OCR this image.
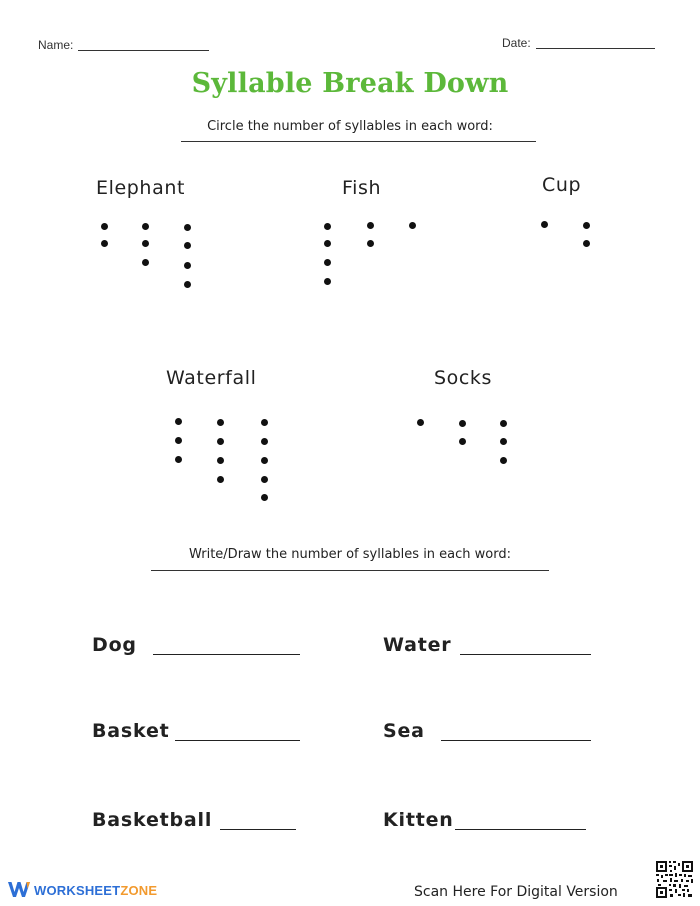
Name:	Date:
Syllable Break Down
Circle the number of syllables in each word:
Elephant	Fish	Cup
Waterfall	Socks
Write/Draw the number of syllables in each word:
Dog	Water
Basket	Sea
Basketball	Kitten
WORKSHEET ZONE	Scan Here For Digital Version
